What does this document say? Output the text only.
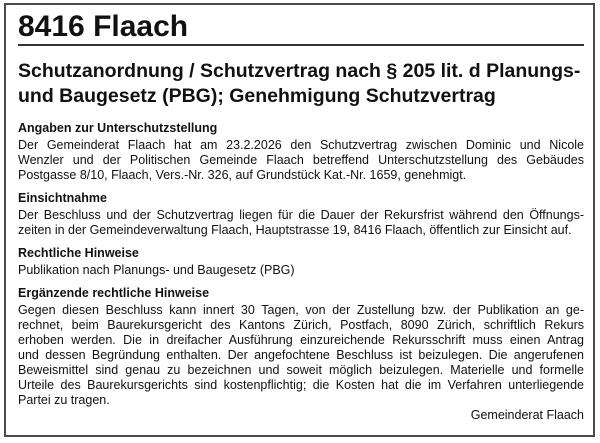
8416 Flaach
Schutzanordnung / Schutzvertrag nach § 205 lit. d Planungs-
und Baugesetz (PBG); Genehmigung Schutzvertrag
Angaben zur Unterschutzstellung
Der Gemeinderat Flaach hat am 23.2.2026 den Schutzvertrag zwischen Dominic und Nicole
Wenzler und der Politischen Gemeinde Flaach betreffend Unterschutzstellung des Gebäudes
Postgasse 8/10, Flaach, Vers.-Nr. 326, auf Grundstück Kat.-Nr. 1659, genehmigt.
Einsichtnahme
Der Beschluss und der Schutzvertrag liegen für die Dauer der Rekursfrist während den Öffnungs-
zeiten in der Gemeindeverwaltung Flaach, Hauptstrasse 19, 8416 Flaach, öffentlich zur Einsicht auf.
Rechtliche Hinweise
Publikation nach Planungs- und Baugesetz (PBG)
Ergänzende rechtliche Hinweise
Gegen diesen Beschluss kann innert 30 Tagen, von der Zustellung bzw. der Publikation an ge-
rechnet, beim Baurekursgericht des Kantons Zürich, Postfach, 8090 Zürich, schriftlich Rekurs
erhoben werden. Die in dreifacher Ausführung einzureichende Rekursschrift muss einen Antrag
und dessen Begründung enthalten. Der angefochtene Beschluss ist beizulegen. Die angerufenen
Beweismittel sind genau zu bezeichnen und soweit möglich beizulegen. Materielle und formelle
Urteile des Baurekursgerichts sind kostenpflichtig; die Kosten hat die im Verfahren unterliegende
Partei zu tragen.

Gemeinderat Flaach
